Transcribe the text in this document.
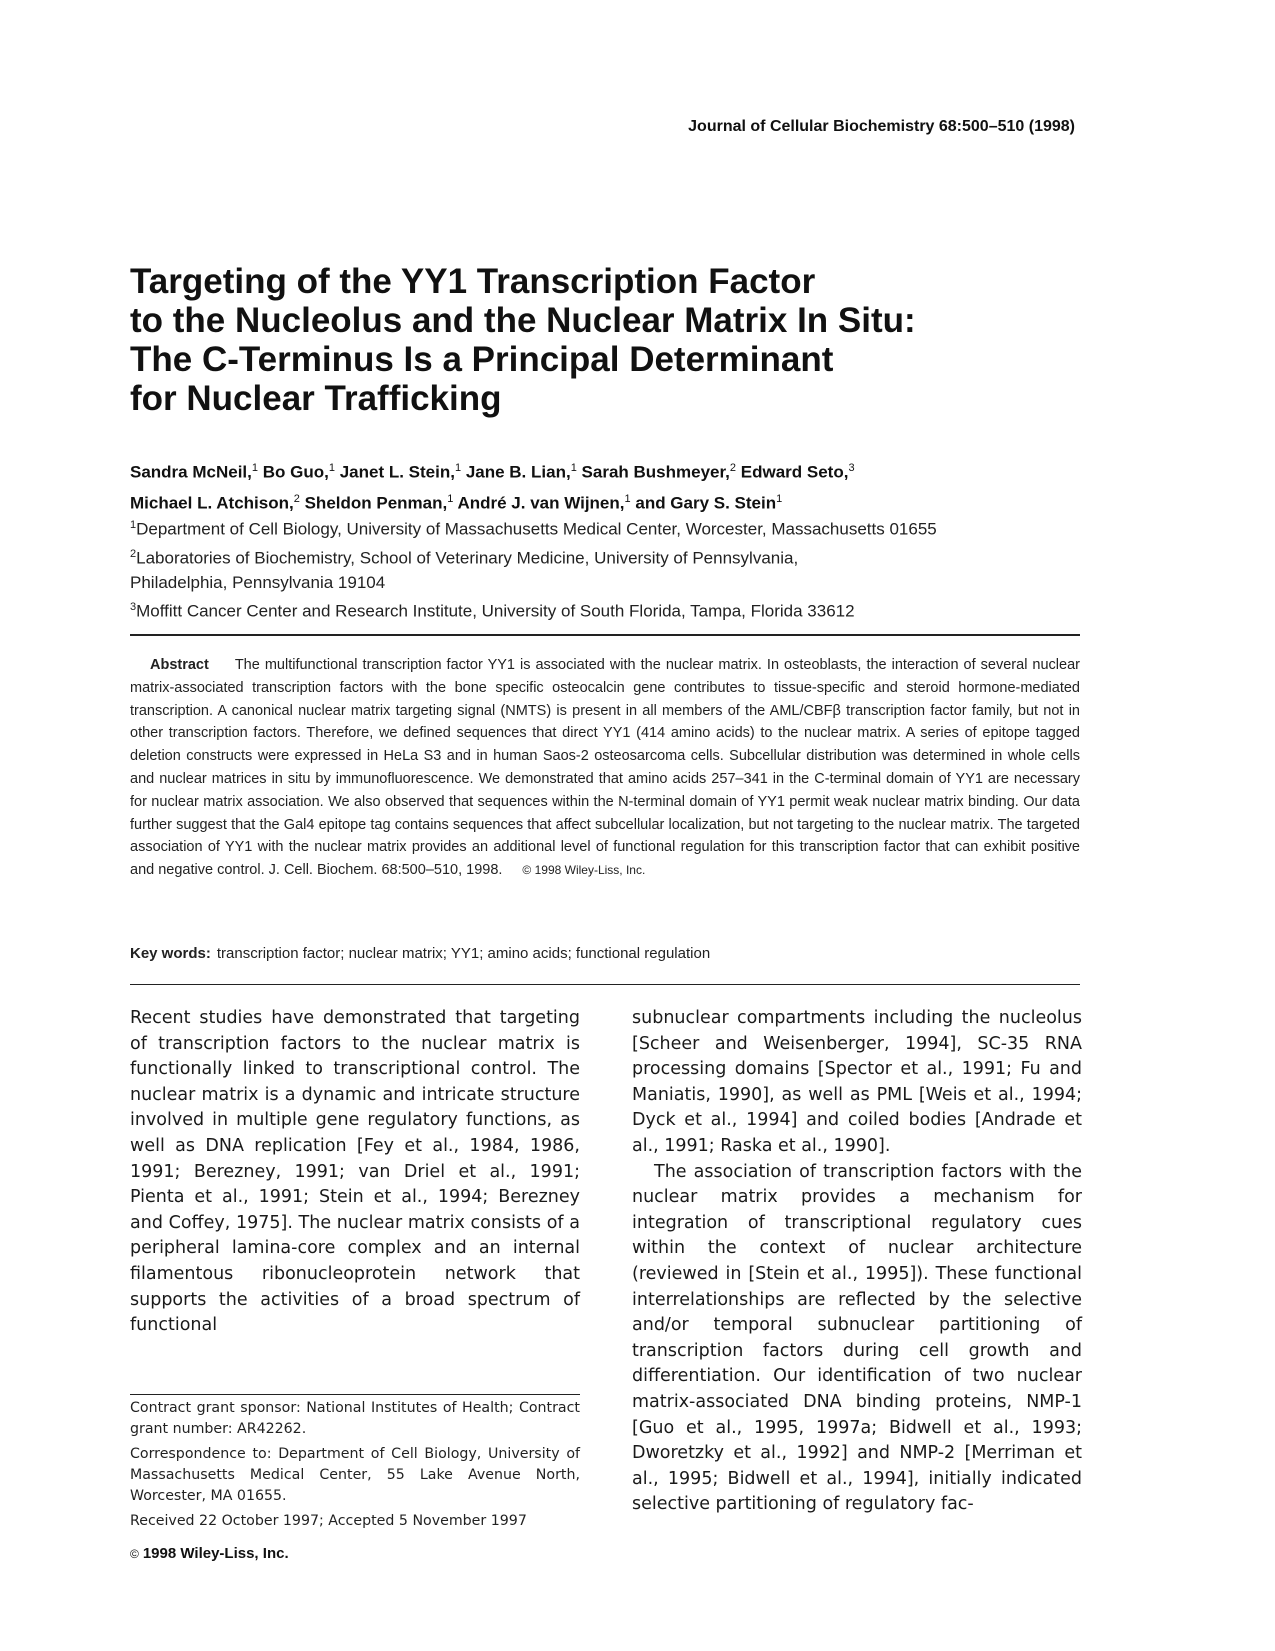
Journal of Cellular Biochemistry 68:500–510 (1998)
Targeting of the YY1 Transcription Factor
to the Nucleolus and the Nuclear Matrix In Situ:
The C-Terminus Is a Principal Determinant
for Nuclear Trafficking
Sandra McNeil,$^1$ Bo Guo,$^1$ Janet L. Stein,$^1$ Jane B. Lian,$^1$ Sarah Bushmeyer,$^2$ Edward Seto,$^3$
Michael L. Atchison,$^2$ Sheldon Penman,$^1$ André J. van Wijnen,$^1$ and Gary S. Stein$^1$
$^1$Department of Cell Biology, University of Massachusetts Medical Center, Worcester, Massachusetts 01655
$^2$Laboratories of Biochemistry, School of Veterinary Medicine, University of Pennsylvania,
Philadelphia, Pennsylvania 19104
$^3$Moffitt Cancer Center and Research Institute, University of South Florida, Tampa, Florida 33612

Abstract The multifunctional transcription factor YY1 is associated with the nuclear matrix. In osteoblasts, the interaction of several nuclear matrix-associated transcription factors with the bone specific osteocalcin gene contributes to tissue-specific and steroid hormone-mediated transcription. A canonical nuclear matrix targeting signal (NMTS) is present in all members of the AML/CBFβ transcription factor family, but not in other transcription factors. Therefore, we defined sequences that direct YY1 (414 amino acids) to the nuclear matrix. A series of epitope tagged deletion constructs were expressed in HeLa S3 and in human Saos-2 osteosarcoma cells. Subcellular distribution was determined in whole cells and nuclear matrices in situ by immunofluorescence. We demonstrated that amino acids 257–341 in the C-terminal domain of YY1 are necessary for nuclear matrix association. We also observed that sequences within the N-terminal domain of YY1 permit weak nuclear matrix binding. Our data further suggest that the Gal4 epitope tag contains sequences that affect subcellular localization, but not targeting to the nuclear matrix. The targeted association of YY1 with the nuclear matrix provides an additional level of functional regulation for this transcription factor that can exhibit positive and negative control. J. Cell. Biochem. 68:500–510, 1998. © 1998 Wiley-Liss, Inc.

Key words: transcription factor; nuclear matrix; YY1; amino acids; functional regulation

Recent studies have demonstrated that targeting of transcription factors to the nuclear matrix is functionally linked to transcriptional control. The nuclear matrix is a dynamic and intricate structure involved in multiple gene regulatory functions, as well as DNA replication [Fey et al., 1984, 1986, 1991; Berezney, 1991; van Driel et al., 1991; Pienta et al., 1991; Stein et al., 1994; Berezney and Coffey, 1975]. The nuclear matrix consists of a peripheral lamina-core complex and an internal filamentous ribonucleoprotein network that supports the activities of a broad spectrum of functional

subnuclear compartments including the nucleolus [Scheer and Weisenberger, 1994], SC-35 RNA processing domains [Spector et al., 1991; Fu and Maniatis, 1990], as well as PML [Weis et al., 1994; Dyck et al., 1994] and coiled bodies [Andrade et al., 1991; Raska et al., 1990].

The association of transcription factors with the nuclear matrix provides a mechanism for integration of transcriptional regulatory cues within the context of nuclear architecture (reviewed in [Stein et al., 1995]). These functional interrelationships are reflected by the selective and/or temporal subnuclear partitioning of transcription factors during cell growth and differentiation. Our identification of two nuclear matrix-associated DNA binding proteins, NMP-1 [Guo et al., 1995, 1997a; Bidwell et al., 1993; Dworetzky et al., 1992] and NMP-2 [Merriman et al., 1995; Bidwell et al., 1994], initially indicated selective partitioning of regulatory fac-

Contract grant sponsor: National Institutes of Health; Contract grant number: AR42262.

Correspondence to: Department of Cell Biology, University of Massachusetts Medical Center, 55 Lake Avenue North, Worcester, MA 01655.

Received 22 October 1997; Accepted 5 November 1997

© 1998 Wiley-Liss, Inc.
